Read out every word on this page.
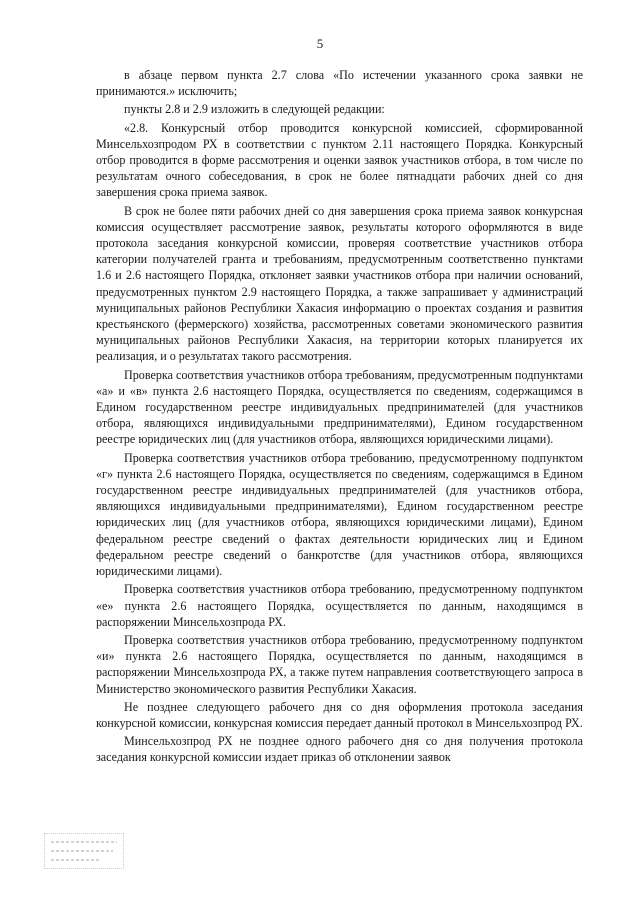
5

в абзаце первом пункта 2.7 слова «По истечении указанного срока заявки не принимаются.» исключить;

пункты 2.8 и 2.9 изложить в следующей редакции:

«2.8. Конкурсный отбор проводится конкурсной комиссией, сформированной Минсельхозпродом РХ в соответствии с пунктом 2.11 настоящего Порядка. Конкурсный отбор проводится в форме рассмотрения и оценки заявок участников отбора, в том числе по результатам очного собеседования, в срок не более пятнадцати рабочих дней со дня завершения срока приема заявок.

В срок не более пяти рабочих дней со дня завершения срока приема заявок конкурсная комиссия осуществляет рассмотрение заявок, результаты которого оформляются в виде протокола заседания конкурсной комиссии, проверяя соответствие участников отбора категории получателей гранта и требованиям, предусмотренным соответственно пунктами 1.6 и 2.6 настоящего Порядка, отклоняет заявки участников отбора при наличии оснований, предусмотренных пунктом 2.9 настоящего Порядка, а также запрашивает у администраций муниципальных районов Республики Хакасия информацию о проектах создания и развития крестьянского (фермерского) хозяйства, рассмотренных советами экономического развития муниципальных районов Республики Хакасия, на территории которых планируется их реализация, и о результатах такого рассмотрения.

Проверка соответствия участников отбора требованиям, предусмотренным подпунктами «а» и «в» пункта 2.6 настоящего Порядка, осуществляется по сведениям, содержащимся в Едином государственном реестре индивидуальных предпринимателей (для участников отбора, являющихся индивидуальными предпринимателями), Едином государственном реестре юридических лиц (для участников отбора, являющихся юридическими лицами).

Проверка соответствия участников отбора требованию, предусмотренному подпунктом «г» пункта 2.6 настоящего Порядка, осуществляется по сведениям, содержащимся в Едином государственном реестре индивидуальных предпринимателей (для участников отбора, являющихся индивидуальными предпринимателями), Едином государственном реестре юридических лиц (для участников отбора, являющихся юридическими лицами), Едином федеральном реестре сведений о фактах деятельности юридических лиц и Едином федеральном реестре сведений о банкротстве (для участников отбора, являющихся юридическими лицами).

Проверка соответствия участников отбора требованию, предусмотренному подпунктом «е» пункта 2.6 настоящего Порядка, осуществляется по данным, находящимся в распоряжении Минсельхозпрода РХ.

Проверка соответствия участников отбора требованию, предусмотренному подпунктом «и» пункта 2.6 настоящего Порядка, осуществляется по данным, находящимся в распоряжении Минсельхозпрода РХ, а также путем направления соответствующего запроса в Министерство экономического развития Республики Хакасия.

Не позднее следующего рабочего дня со дня оформления протокола заседания конкурсной комиссии, конкурсная комиссия передает данный протокол в Минсельхозпрод РХ.

Минсельхозпрод РХ не позднее одного рабочего дня со дня получения протокола заседания конкурсной комиссии издает приказ об отклонении заявок
